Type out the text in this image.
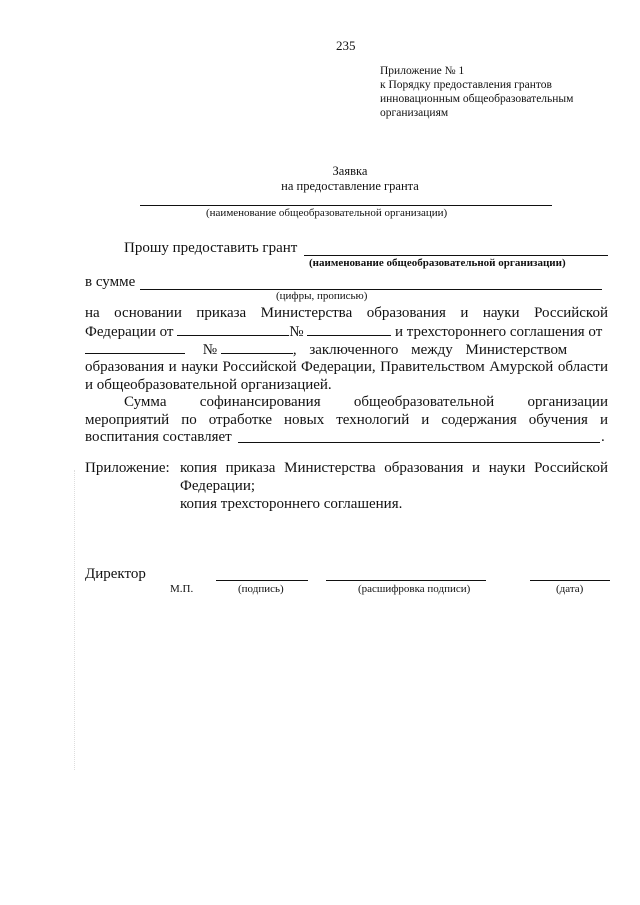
235
Приложение № 1
к Порядку предоставления грантов
инновационным общеобразовательным
организациям
Заявка
на предоставление гранта
(наименование общеобразовательной организации)
Прошу предоставить грант
(наименование общеобразовательной организации)
в сумме
(цифры, прописью)
на основании приказа Министерства образования и науки Российской
Федерации от	№	и трехстороннего соглашения от
№	, заключенного между Министерством
образования и науки Российской Федерации, Правительством Амурской области
и общеобразовательной организацией.
Сумма софинансирования общеобразовательной организации
мероприятий по отработке новых технологий и содержания обучения и
воспитания составляет	.
Приложение: копия приказа Министерства образования и науки Российской
Федерации;
копия трехстороннего соглашения.
Директор
М.П.	(подпись)	(расшифровка подписи)	(дата)
